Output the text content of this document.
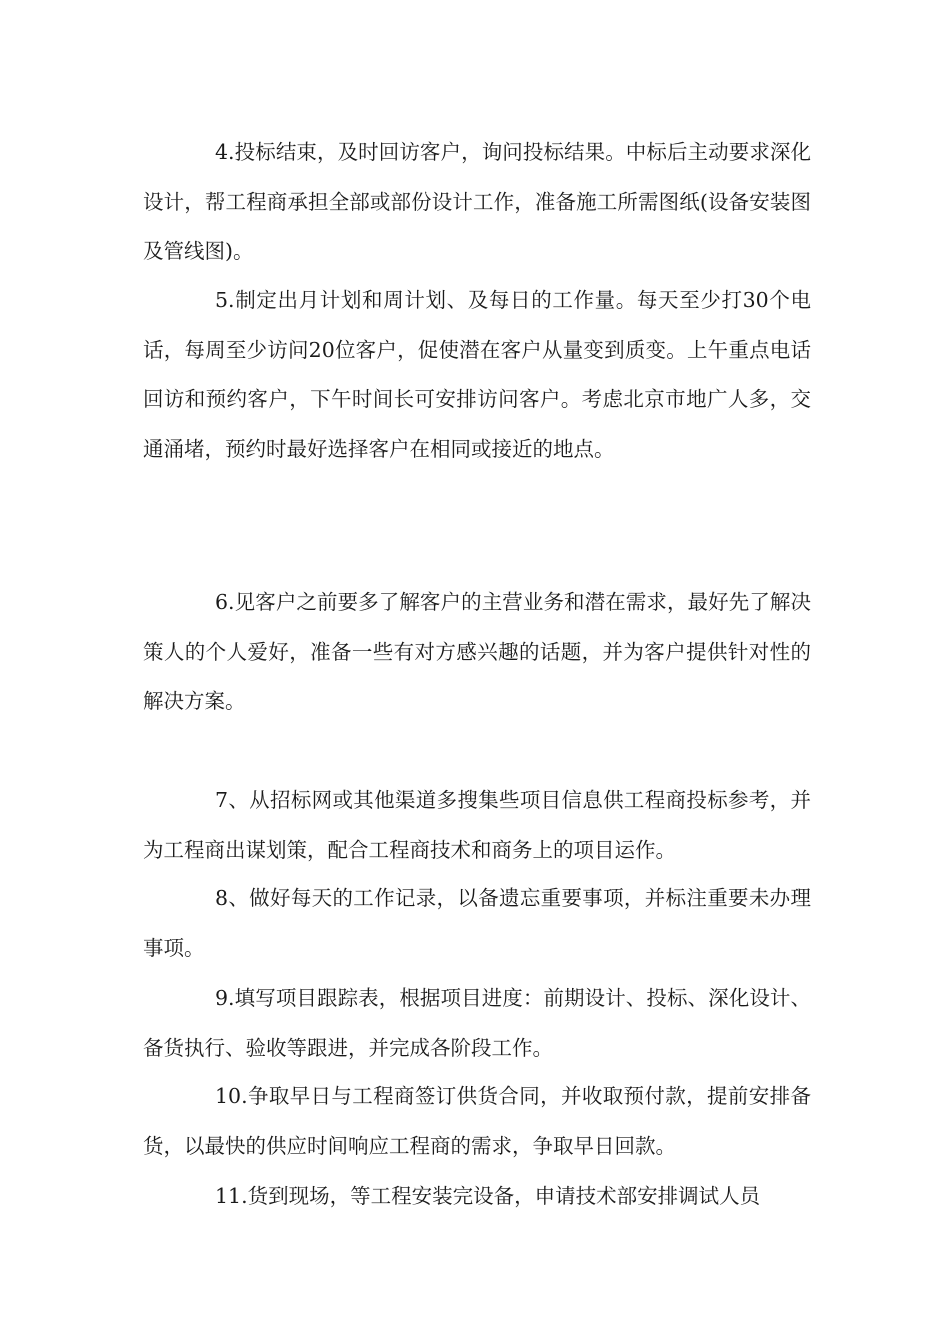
4.投标结束，及时回访客户，询问投标结果。中标后主动要求深化设计，帮工程商承担全部或部份设计工作，准备施工所需图纸(设备安装图及管线图)。

5.制定出月计划和周计划、及每日的工作量。每天至少打30个电话，每周至少访问20位客户，促使潜在客户从量变到质变。上午重点电话回访和预约客户，下午时间长可安排访问客户。考虑北京市地广人多，交通涌堵，预约时最好选择客户在相同或接近的地点。

6.见客户之前要多了解客户的主营业务和潜在需求，最好先了解决策人的个人爱好，准备一些有对方感兴趣的话题，并为客户提供针对性的解决方案。

7、从招标网或其他渠道多搜集些项目信息供工程商投标参考，并为工程商出谋划策，配合工程商技术和商务上的项目运作。

8、做好每天的工作记录，以备遗忘重要事项，并标注重要未办理事项。

9.填写项目跟踪表，根据项目进度：前期设计、投标、深化设计、备货执行、验收等跟进，并完成各阶段工作。

10.争取早日与工程商签订供货合同，并收取预付款，提前安排备货，以最快的供应时间响应工程商的需求，争取早日回款。

11.货到现场，等工程安装完设备，申请技术部安排调试人员
